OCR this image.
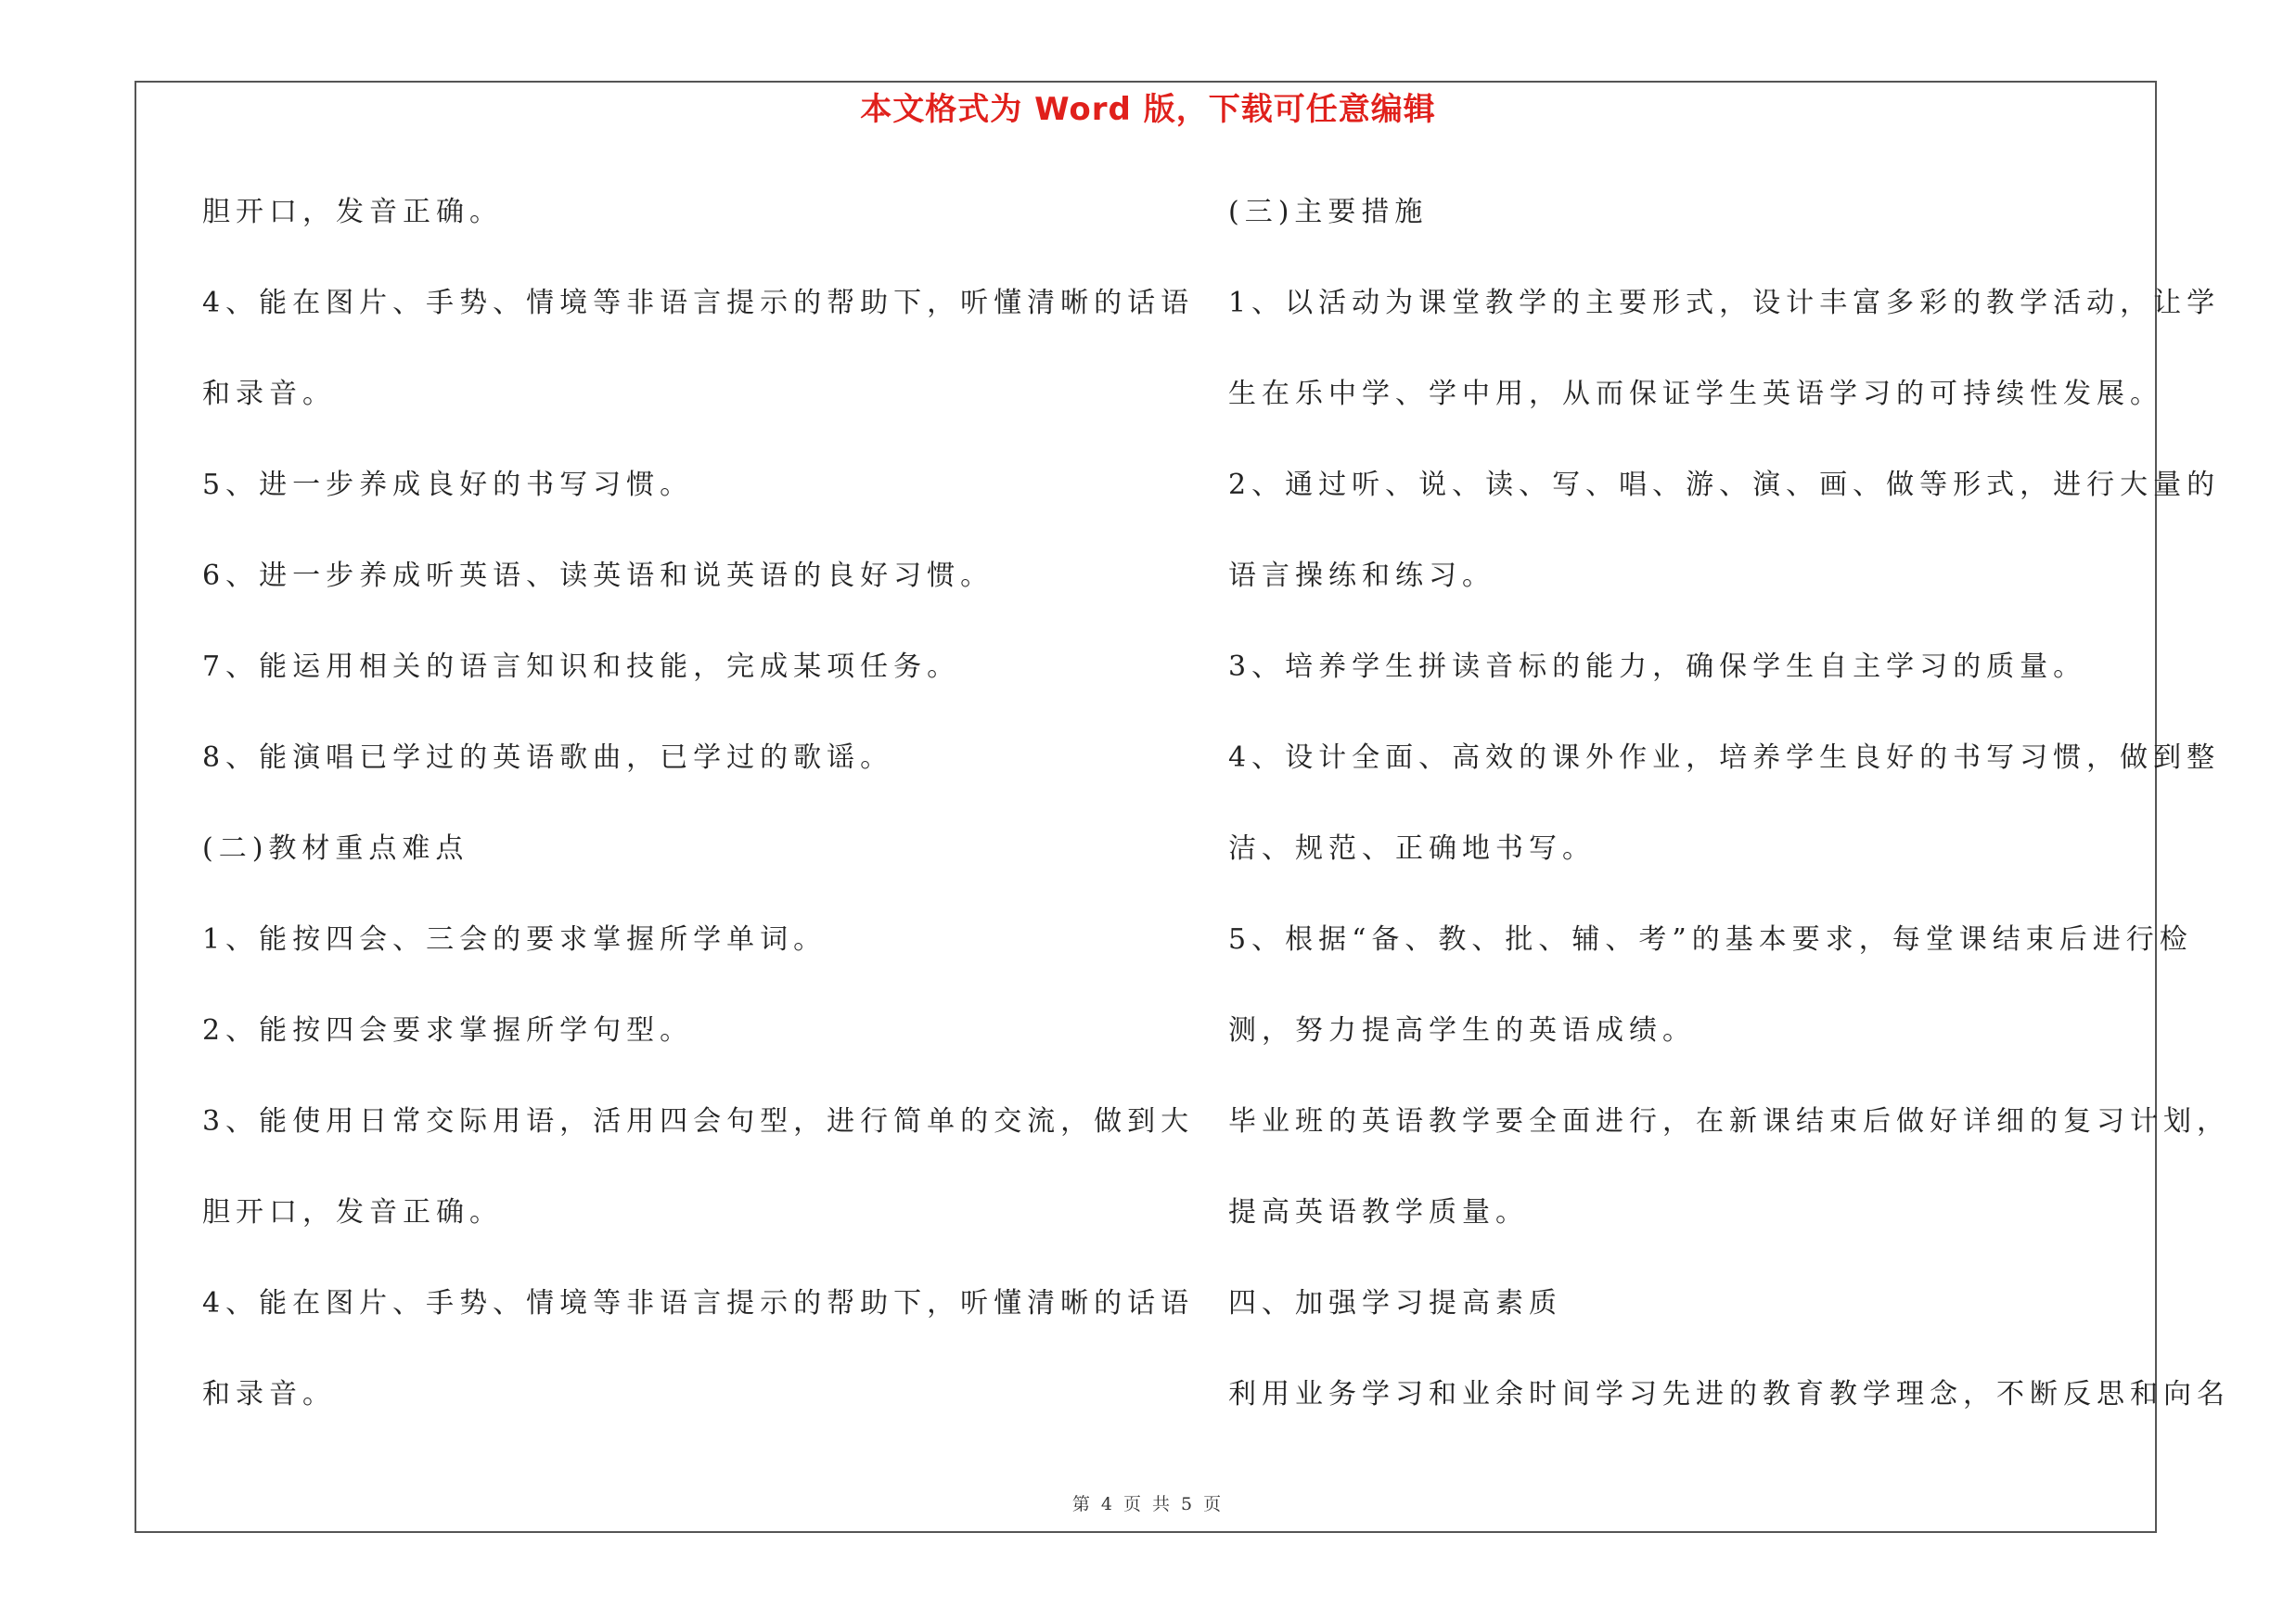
本文格式为 Word 版，下载可任意编辑
胆开口，发音正确。
4、能在图片、手势、情境等非语言提示的帮助下，听懂清晰的话语
和录音。
5、进一步养成良好的书写习惯。
6、进一步养成听英语、读英语和说英语的良好习惯。
7、能运用相关的语言知识和技能，完成某项任务。
8、能演唱已学过的英语歌曲，已学过的歌谣。
(二)教材重点难点
1、能按四会、三会的要求掌握所学单词。
2、能按四会要求掌握所学句型。
3、能使用日常交际用语，活用四会句型，进行简单的交流，做到大
胆开口，发音正确。
4、能在图片、手势、情境等非语言提示的帮助下，听懂清晰的话语
和录音。
(三)主要措施
1、以活动为课堂教学的主要形式，设计丰富多彩的教学活动，让学
生在乐中学、学中用，从而保证学生英语学习的可持续性发展。
2、通过听、说、读、写、唱、游、演、画、做等形式，进行大量的
语言操练和练习。
3、培养学生拼读音标的能力，确保学生自主学习的质量。
4、设计全面、高效的课外作业，培养学生良好的书写习惯，做到整
洁、规范、正确地书写。
5、根据“备、教、批、辅、考”的基本要求，每堂课结束后进行检
测，努力提高学生的英语成绩。
毕业班的英语教学要全面进行，在新课结束后做好详细的复习计划，
提高英语教学质量。
四、加强学习提高素质
利用业务学习和业余时间学习先进的教育教学理念，不断反思和向名
第 4 页 共 5 页
